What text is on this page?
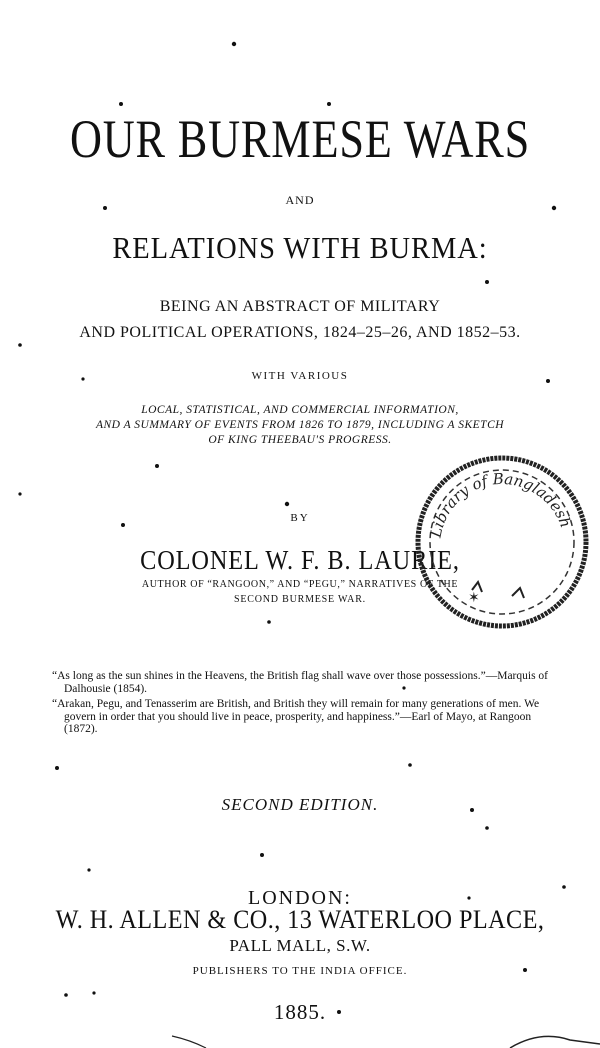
OUR BURMESE WARS
AND
RELATIONS WITH BURMA:
BEING AN ABSTRACT OF MILITARY
AND POLITICAL OPERATIONS, 1824–25–26, AND 1852–53.
WITH VARIOUS
LOCAL, STATISTICAL, AND COMMERCIAL INFORMATION,
AND A SUMMARY OF EVENTS FROM 1826 TO 1879, INCLUDING A SKETCH
OF KING THEEBAU'S PROGRESS.
BY
COLONEL W. F. B. LAURIE,
AUTHOR OF “RANGOON,” AND “PEGU,” NARRATIVES OF THE
SECOND BURMESE WAR.

“As long as the sun shines in the Heavens, the British flag shall wave over those possessions.”—Marquis of Dalhousie (1854).

“Arakan, Pegu, and Tenasserim are British, and British they will remain for many generations of men. We govern in order that you should live in peace, prosperity, and happiness.”—Earl of Mayo, at Rangoon (1872).

SECOND EDITION.
LONDON:
W. H. ALLEN & CO., 13 WATERLOO PLACE,
PALL MALL, S.W.
PUBLISHERS TO THE INDIA OFFICE.
1885.
Library of Bangladesh
✶
